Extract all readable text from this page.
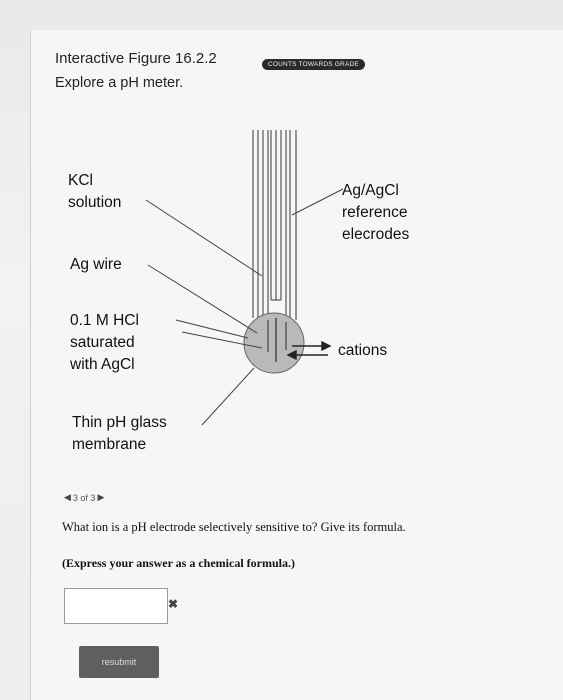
Interactive Figure 16.2.2	COUNTS TOWARDS GRADE
Explore a pH meter.
KCl
solution
Ag wire
0.1 M HCl
saturated
with AgCl
Thin pH glass
membrane
Ag/AgCl
reference
elecrodes
cations
◀ 3 of 3 ▶
What ion is a pH electrode selectively sensitive to? Give its formula.
(Express your answer as a chemical formula.)
✖
resubmit
